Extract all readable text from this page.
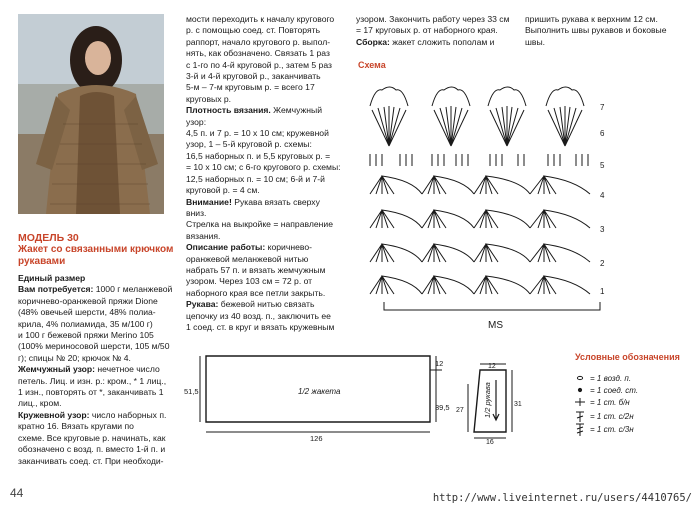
МОДЕЛЬ 30
Жакет со связанными крючком
рукавами

Единый размер

Вам потребуется: 1000 г меланжевой

коричнево-оранжевой пряжи Dione

(48% овечьей шерсти, 48% полиа-

крила, 4% полиамида, 35 м/100 г)

и 100 г бежевой пряжи Merino 105

(100% мериносовой шерсти, 105 м/50

г); спицы № 20; крючок № 4.

Жемчужный узор: нечетное число

петель. Лиц. и изн. р.: кром., * 1 лиц.,

1 изн., повторять от *, заканчивать 1

лиц., кром.

Кружевной узор: число наборных п.

кратно 16. Вязать кругами по

схеме. Все круговые р. начинать, как

обозначено с возд. п. вместо 1-й п. и

заканчивать соед. ст. При необходи-

мости переходить к началу кругового

р. с помощью соед. ст. Повторять

раппорт, начало кругового р. выпол-

нять, как обозначено. Связать 1 раз

с 1-го по 4-й круговой р., затем 5 раз

3-й и 4-й круговой р., заканчивать

5-м – 7-м круговым р. = всего 17

круговых р.

Плотность вязания. Жемчужный узор:

4,5 п. и 7 р. = 10 х 10 см; кружевной

узор, 1 – 5-й круговой р. схемы:

16,5 наборных п. и 5,5 круговых р. =

= 10 х 10 см; с 6-го кругового р. схемы:

12,5 наборных п. = 10 см; 6-й и 7-й

круговой р. = 4 см.

Внимание! Рукава вязать сверху вниз.

Стрелка на выкройке = направление

вязания.

Описание работы: коричнево-

оранжевой меланжевой нитью

набрать 57 п. и вязать жемчужным

узором. Через 103 см = 72 р. от

наборного края все петли закрыть.

Рукава: бежевой нитью связать

цепочку из 40 возд. п., заключить ее

1 соед. ст. в круг и вязать кружевным

узором. Закончить работу через 33 см

= 17 круговых р. от наборного края.

Сборка: жакет сложить пополам и

пришить рукава к верхним 12 см.

Выполнить швы рукавов и боковые

швы.

Схема
7
6
5
4
3
2
1
MS
51,5
12
39,5
126
1/2 жакета
12
27
31
16
1/2 рукава
Условные обозначения
= 1 возд. п.
= 1 соед. ст.
= 1 ст. б/н
= 1 ст. с/2н
= 1 ст. с/3н
44	http://www.liveinternet.ru/users/4410765/
